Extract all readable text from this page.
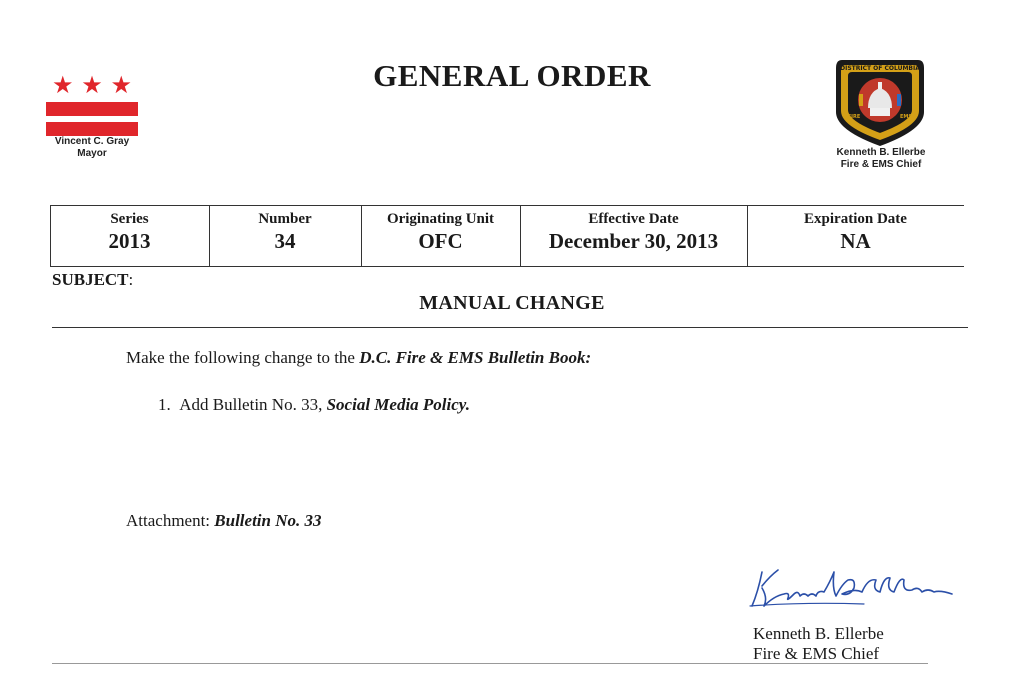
★ ★ ★
Vincent C. Gray
Mayor
GENERAL ORDER
AND
DISTRICT OF COLUMBIA
FIRE	EMS
Kenneth B. Ellerbe
Fire & EMS Chief
Series
2013
Number
34
Originating Unit
OFC
Effective Date
December 30, 2013
Expiration Date
NA
SUBJECT:
MANUAL CHANGE
Make the following change to the D.C. Fire & EMS Bulletin Book:
1. Add Bulletin No. 33, Social Media Policy.
Attachment: Bulletin No. 33
Kenneth B. Ellerbe
Fire & EMS Chief
